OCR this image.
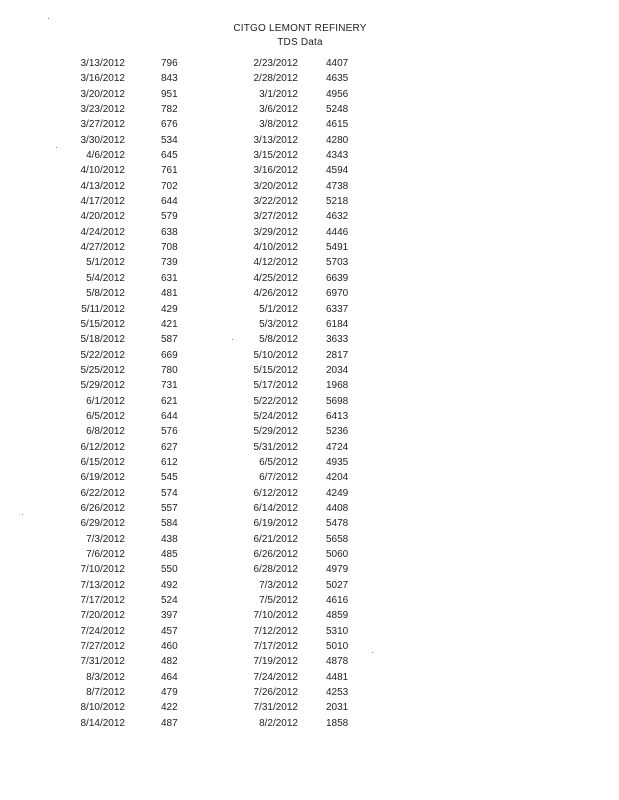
CITGO LEMONT REFINERY
TDS Data
3/13/2012	796	2/23/2012	4407
3/16/2012	843	2/28/2012	4635
3/20/2012	951	3/1/2012	4956
3/23/2012	782	3/6/2012	5248
3/27/2012	676	3/8/2012	4615
3/30/2012	534	3/13/2012	4280
4/6/2012	645	3/15/2012	4343
4/10/2012	761	3/16/2012	4594
4/13/2012	702	3/20/2012	4738
4/17/2012	644	3/22/2012	5218
4/20/2012	579	3/27/2012	4632
4/24/2012	638	3/29/2012	4446
4/27/2012	708	4/10/2012	5491
5/1/2012	739	4/12/2012	5703
5/4/2012	631	4/25/2012	6639
5/8/2012	481	4/26/2012	6970
5/11/2012	429	5/1/2012	6337
5/15/2012	421	5/3/2012	6184
5/18/2012	587	5/8/2012	3633
5/22/2012	669	5/10/2012	2817
5/25/2012	780	5/15/2012	2034
5/29/2012	731	5/17/2012	1968
6/1/2012	621	5/22/2012	5698
6/5/2012	644	5/24/2012	6413
6/8/2012	576	5/29/2012	5236
6/12/2012	627	5/31/2012	4724
6/15/2012	612	6/5/2012	4935
6/19/2012	545	6/7/2012	4204
6/22/2012	574	6/12/2012	4249
6/26/2012	557	6/14/2012	4408
6/29/2012	584	6/19/2012	5478
7/3/2012	438	6/21/2012	5658
7/6/2012	485	6/26/2012	5060
7/10/2012	550	6/28/2012	4979
7/13/2012	492	7/3/2012	5027
7/17/2012	524	7/5/2012	4616
7/20/2012	397	7/10/2012	4859
7/24/2012	457	7/12/2012	5310
7/27/2012	460	7/17/2012	5010
7/31/2012	482	7/19/2012	4878
8/3/2012	464	7/24/2012	4481
8/7/2012	479	7/26/2012	4253
8/10/2012	422	7/31/2012	2031
8/14/2012	487	8/2/2012	1858
